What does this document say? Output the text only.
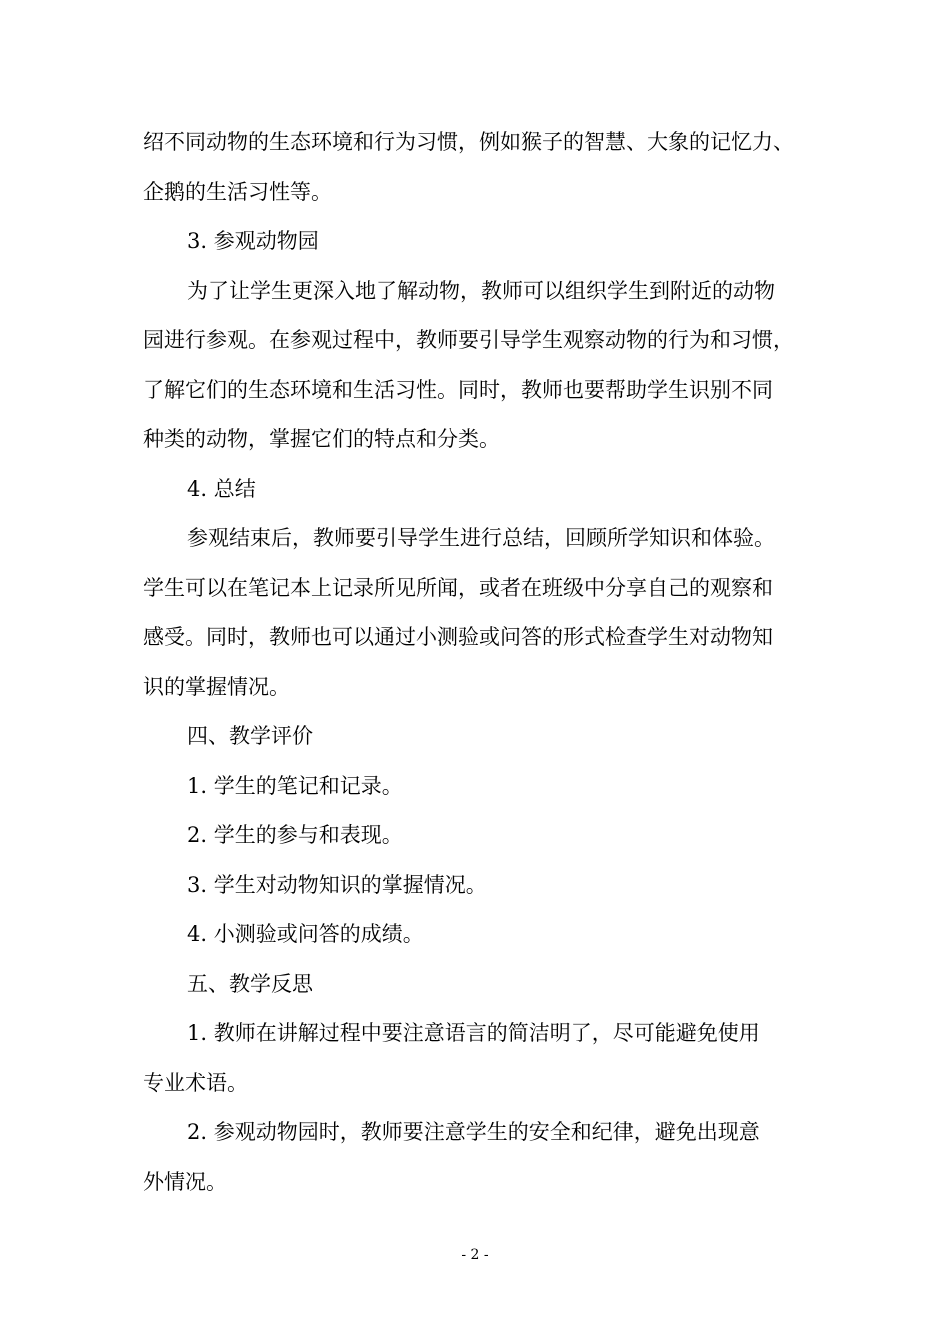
绍不同动物的生态环境和行为习惯，例如猴子的智慧、大象的记忆力、
企鹅的生活习性等。
3. 参观动物园
为了让学生更深入地了解动物，教师可以组织学生到附近的动物
园进行参观。在参观过程中，教师要引导学生观察动物的行为和习惯，
了解它们的生态环境和生活习性。同时，教师也要帮助学生识别不同
种类的动物，掌握它们的特点和分类。
4. 总结
参观结束后，教师要引导学生进行总结，回顾所学知识和体验。
学生可以在笔记本上记录所见所闻，或者在班级中分享自己的观察和
感受。同时，教师也可以通过小测验或问答的形式检查学生对动物知
识的掌握情况。
四、教学评价
1. 学生的笔记和记录。
2. 学生的参与和表现。
3. 学生对动物知识的掌握情况。
4. 小测验或问答的成绩。
五、教学反思
1. 教师在讲解过程中要注意语言的简洁明了，尽可能避免使用
专业术语。
2. 参观动物园时，教师要注意学生的安全和纪律，避免出现意
外情况。
- 2 -
